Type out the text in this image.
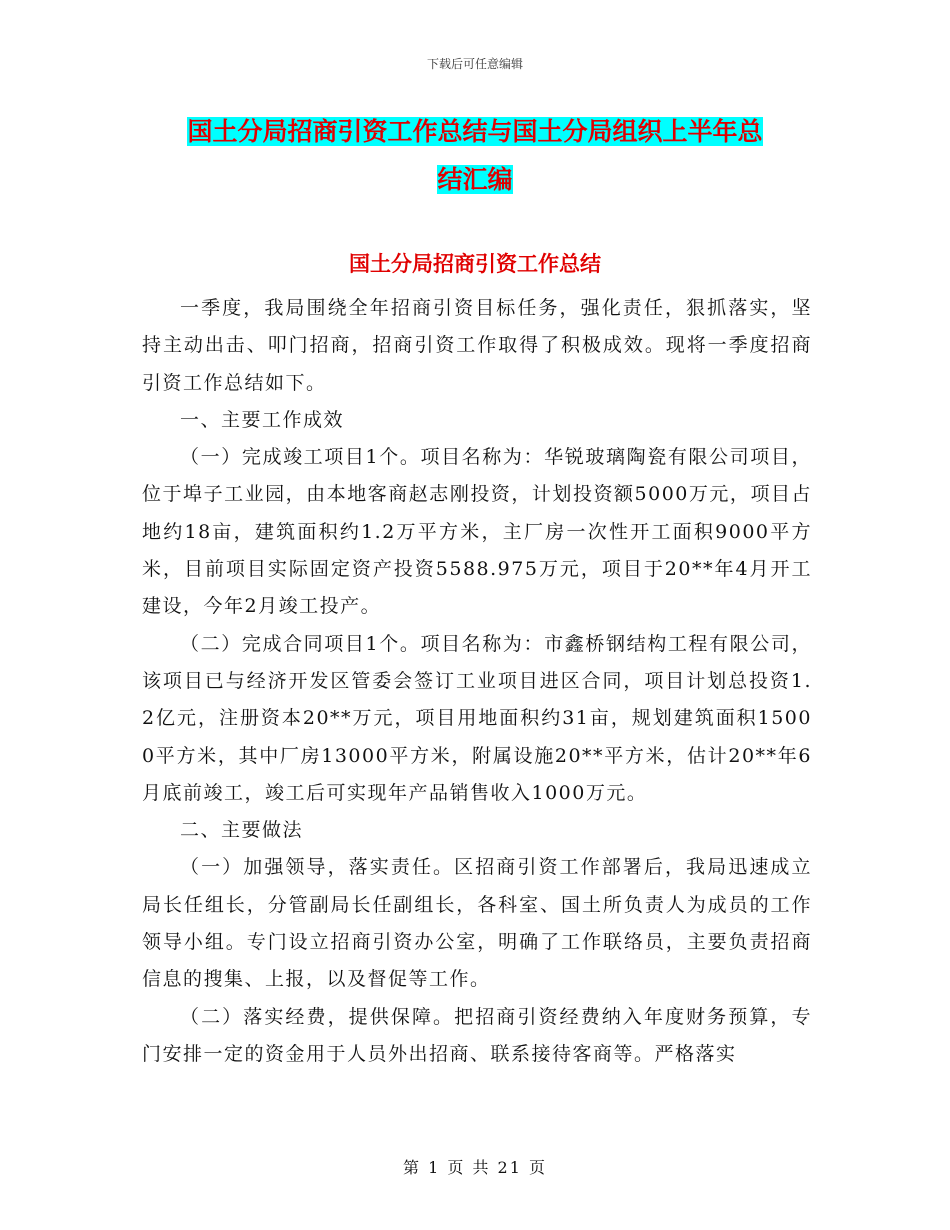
下载后可任意编辑
国土分局招商引资工作总结与国土分局组织上半年总
结汇编
国土分局招商引资工作总结

一季度，我局围绕全年招商引资目标任务，强化责任，狠抓落实，坚持主动出击、叩门招商，招商引资工作取得了积极成效。现将一季度招商引资工作总结如下。

一、主要工作成效

（一）完成竣工项目1个。项目名称为：华锐玻璃陶瓷有限公司项目，位于埠子工业园，由本地客商赵志刚投资，计划投资额5000万元，项目占地约18亩，建筑面积约1.2万平方米，主厂房一次性开工面积9000平方米，目前项目实际固定资产投资5588.975万元，项目于20**年4月开工建设，今年2月竣工投产。

（二）完成合同项目1个。项目名称为：市鑫桥钢结构工程有限公司，该项目已与经济开发区管委会签订工业项目进区合同，项目计划总投资1.2亿元，注册资本20**万元，项目用地面积约31亩，规划建筑面积15000平方米，其中厂房13000平方米，附属设施20**平方米，估计20**年6月底前竣工，竣工后可实现年产品销售收入1000万元。

二、主要做法

（一）加强领导，落实责任。区招商引资工作部署后，我局迅速成立局长任组长，分管副局长任副组长，各科室、国土所负责人为成员的工作领导小组。专门设立招商引资办公室，明确了工作联络员，主要负责招商信息的搜集、上报，以及督促等工作。

（二）落实经费，提供保障。把招商引资经费纳入年度财务预算，专门安排一定的资金用于人员外出招商、联系接待客商等。严格落实

第 1 页 共 21 页
